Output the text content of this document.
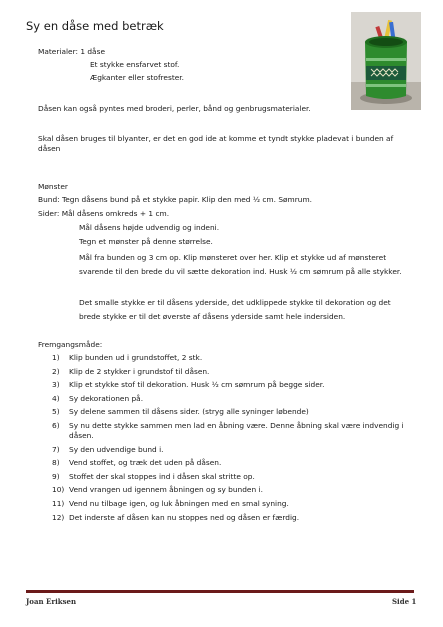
Sy en dåse med betræk
Materialer: 1 dåse
Et stykke ensfarvet stof.
Ægkanter eller stofrester.
Dåsen kan også pyntes med broderi, perler, bånd og genbrugsmaterialer.
Skal dåsen bruges til blyanter, er det en god ide at komme et tyndt stykke pladevat i bunden af dåsen
Mønster
Bund: Tegn dåsens bund på et stykke papir. Klip den med ½ cm. Sømrum.
Sider: Mål dåsens omkreds + 1 cm.
Mål dåsens højde udvendig og indeni.
Tegn et mønster på denne størrelse.
Mål fra bunden og 3 cm op. Klip mønsteret over her. Klip et stykke ud af mønsteret svarende til den brede du vil sætte dekoration ind. Husk ½ cm sømrum på alle stykker.
Det smalle stykke er til dåsens yderside, det udklippede stykke til dekoration og det brede stykke er til det øverste af dåsens yderside samt hele indersiden.
Fremgangsmåde:
1) Klip bunden ud i grundstoffet, 2 stk.
2) Klip de 2 stykker i grundstof til dåsen.
3) Klip et stykke stof til dekoration. Husk ½ cm sømrum på begge sider.
4) Sy dekorationen på.
5) Sy delene sammen til dåsens sider. (stryg alle syninger løbende)
6) Sy nu dette stykke sammen men lad en åbning være. Denne åbning skal være indvendig i dåsen.
7) Sy den udvendige bund i.
8) Vend stoffet, og træk det uden på dåsen.
9) Stoffet der skal stoppes ind i dåsen skal stritte op.
10) Vend vrangen ud igennem åbningen og sy bunden i.
11) Vend nu tilbage igen, og luk åbningen med en smal syning.
12) Det inderste af dåsen kan nu stoppes ned og dåsen er færdig.
Joan Eriksen	Side 1
